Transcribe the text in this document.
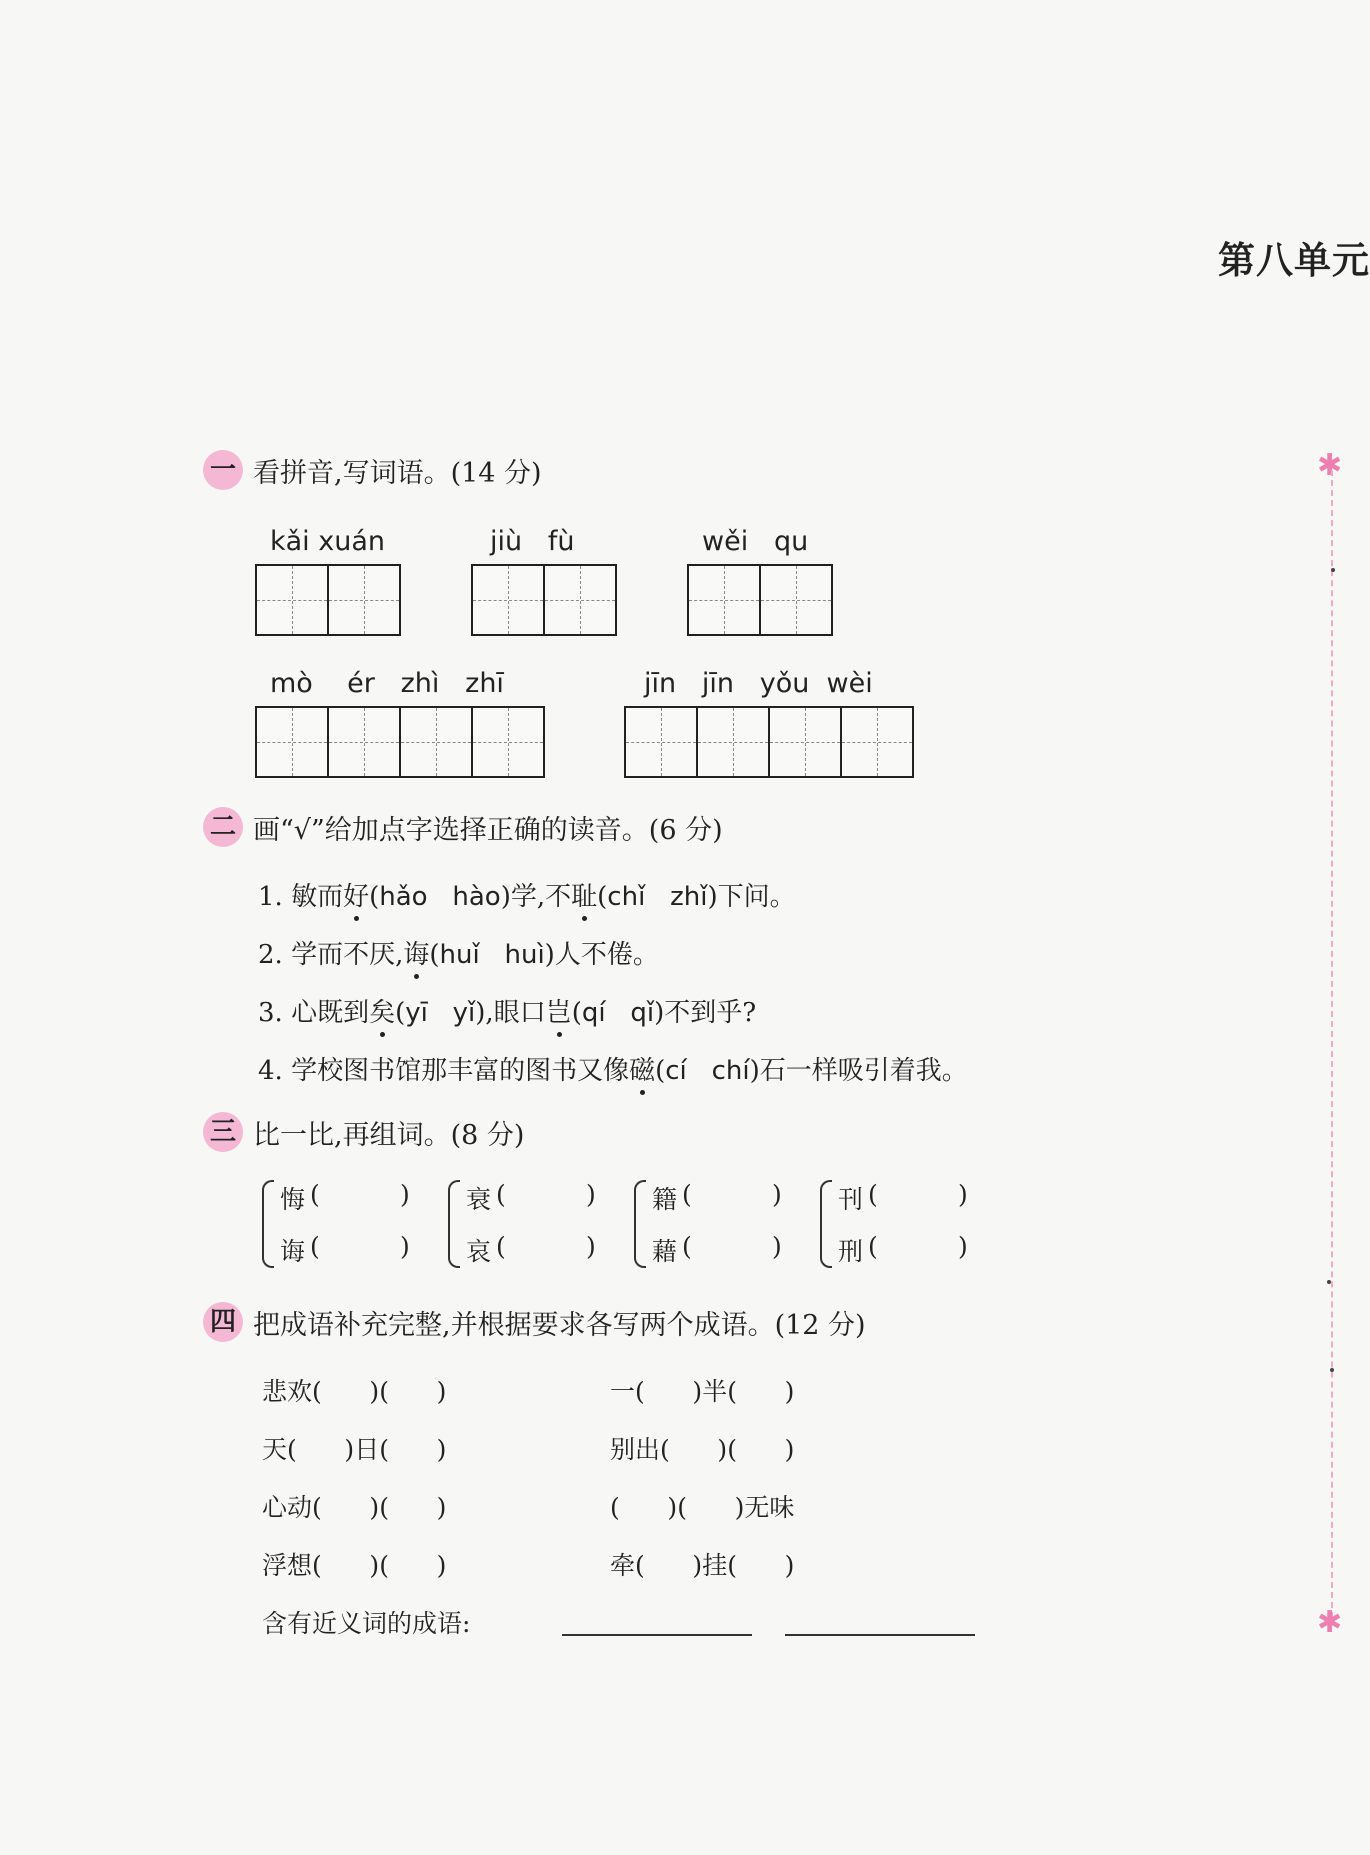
第八单元
✱
✱
一 看拼音,写词语。(14 分)
kǎi xuán	jiù   fù	wěi   qu
mò    ér   zhì   zhī	jīn   jīn   yǒu  wèi
二 画“√”给加点字选择正确的读音。(6 分)
1. 敏而好(hǎo   hào)学,不耻(chǐ   zhǐ)下问。
2. 学而不厌,诲(huǐ   huì)人不倦。
3. 心既到矣(yī   yǐ),眼口岂(qí   qǐ)不到乎?
4. 学校图书馆那丰富的图书又像磁(cí   chí)石一样吸引着我。
三 比一比,再组词。(8 分)
悔 (	)
诲 (	)
衰 (	)
哀 (	)
籍 (	)
藉 (	)
刊 (	)
刑 (	)
四 把成语补充完整,并根据要求各写两个成语。(12 分)
悲欢(      )(      )
天(      )日(      )
心动(      )(      )
浮想(      )(      )
一(      )半(      )
别出(      )(      )
(      )(      )无味
牵(      )挂(      )
含有近义词的成语:
